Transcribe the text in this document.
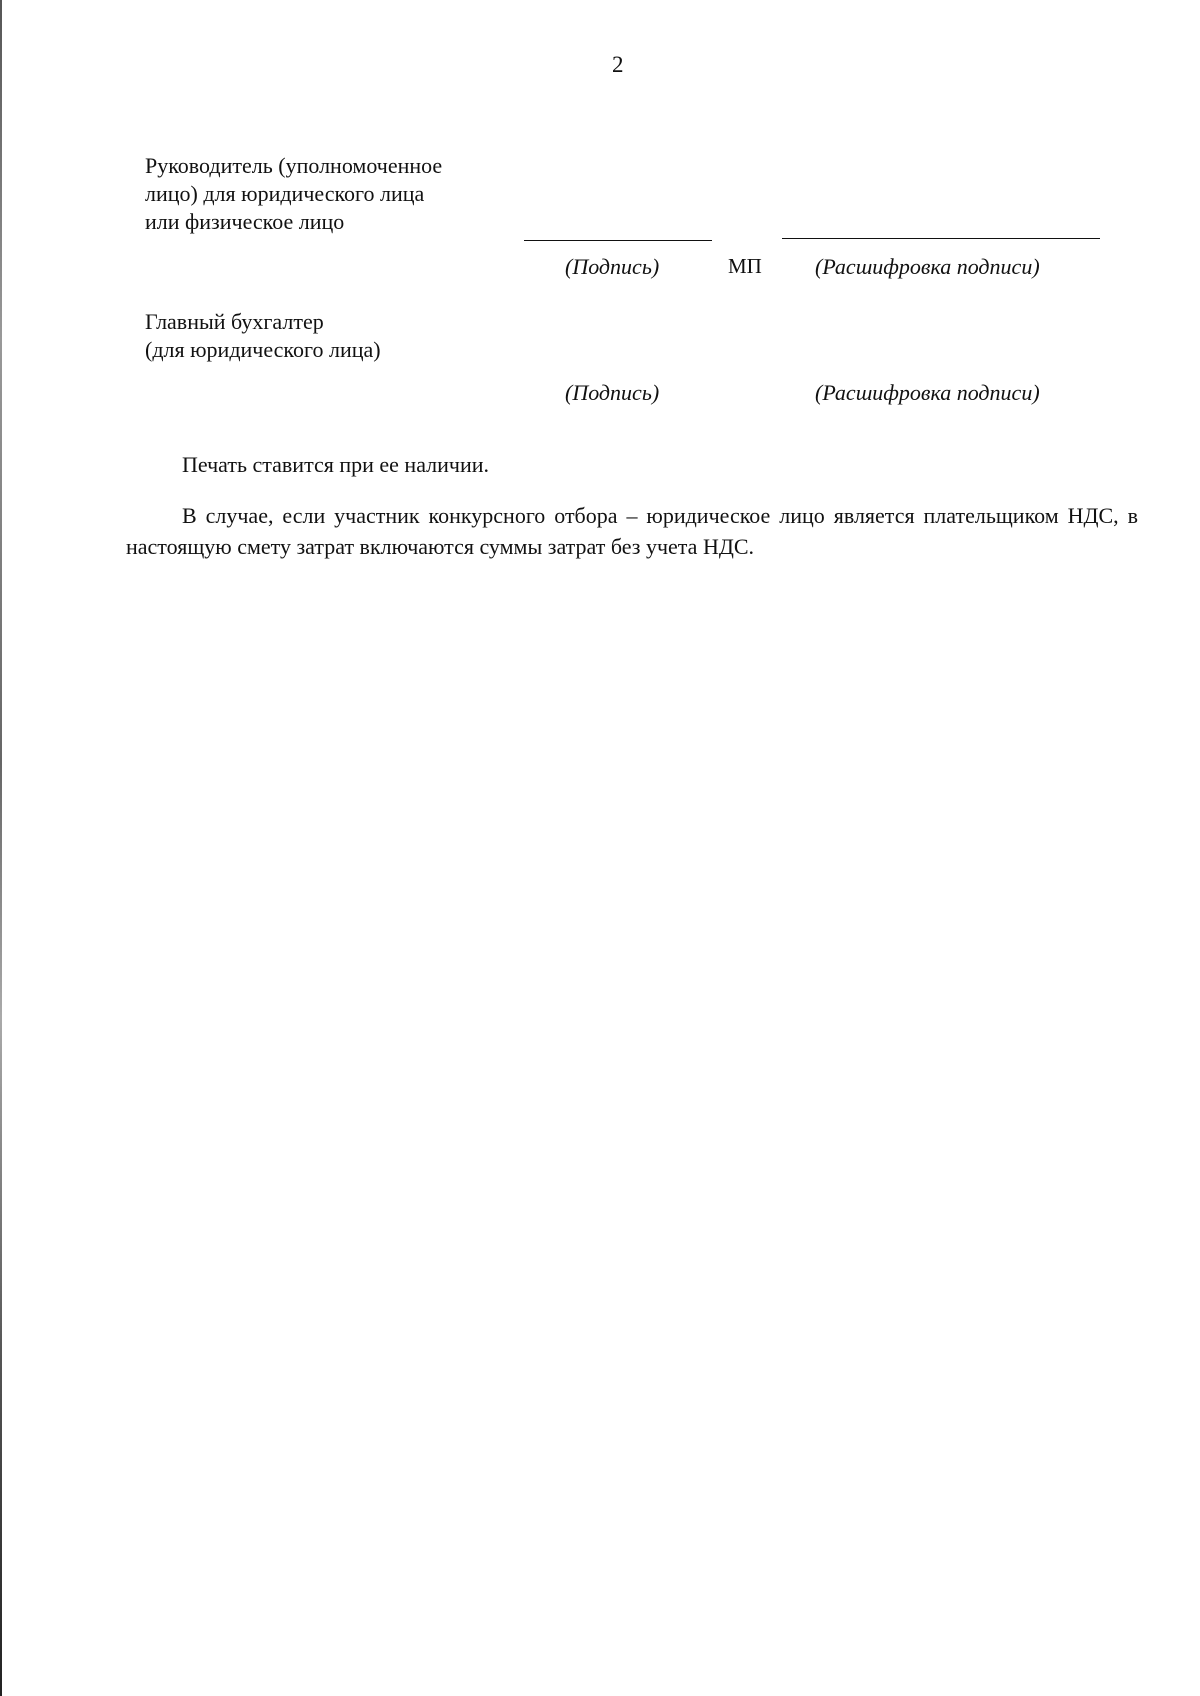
2
Руководитель (уполномоченное
лицо) для юридического лица
или физическое лицо
(Подпись)	МП (Расшифровка подписи)
Главный бухгалтер
(для юридического лица)
(Подпись)	(Расшифровка подписи)
Печать ставится при ее наличии.
В случае, если участник конкурсного отбора – юридическое лицо является плательщиком НДС, в настоящую смету затрат включаются суммы затрат без учета НДС.
